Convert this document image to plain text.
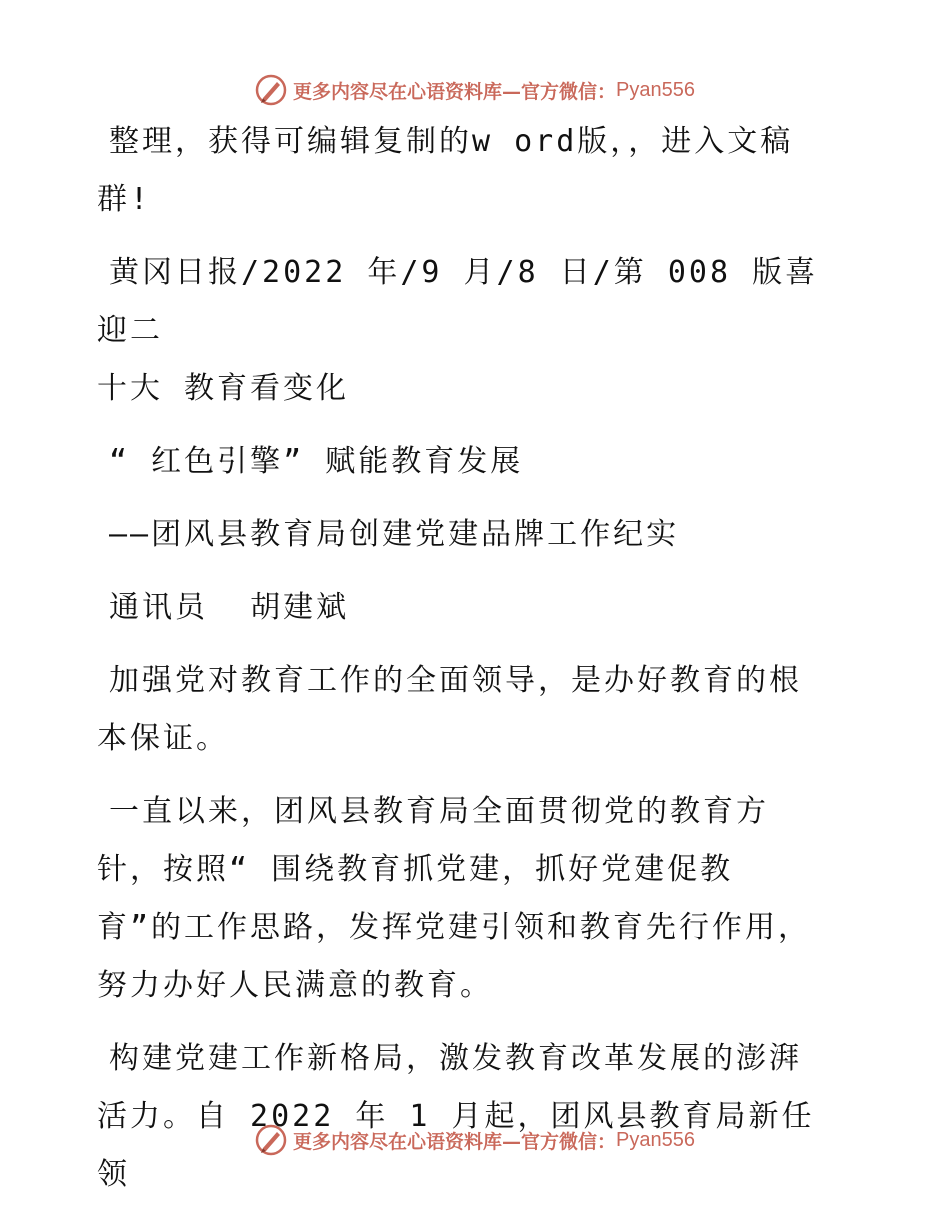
更多内容尽在心语资料库—官方微信： Pyan556
整理，获得可编辑复制的w ord版，，进入文稿
群!
黄冈日报/2022 年/9 月/8 日/第 008 版喜迎二
十大 教育看变化
“ 红色引擎” 赋能教育发展
——团风县教育局创建党建品牌工作纪实
通讯员  胡建斌
加强党对教育工作的全面领导，是办好教育的根
本保证。
一直以来，团风县教育局全面贯彻党的教育方
针，按照“ 围绕教育抓党建，抓好党建促教
育”的工作思路，发挥党建引领和教育先行作用，
努力办好人民满意的教育。
构建党建工作新格局，激发教育改革发展的澎湃
活力。自 2022 年 1 月起，团风县教育局新任领
更多内容尽在心语资料库—官方微信： Pyan556
